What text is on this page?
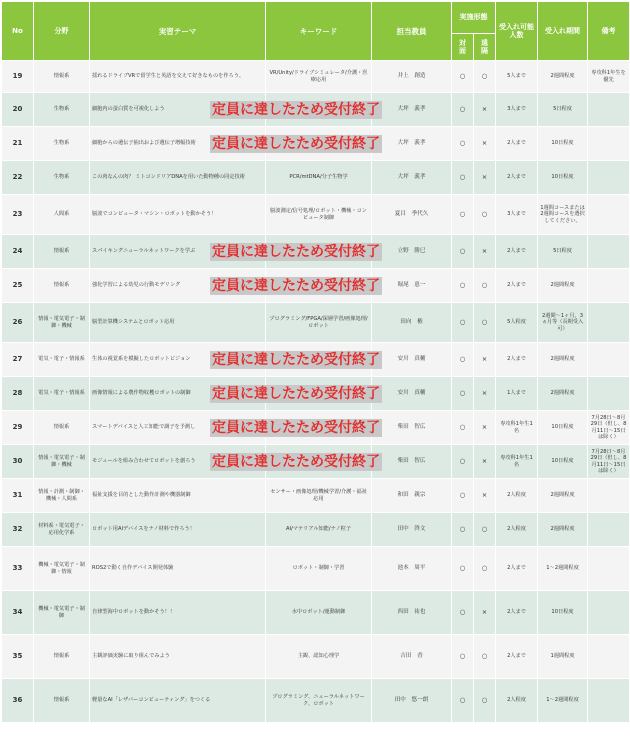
No	分野	実習テーマ	キーワード	担当教員	実施形態		受入れ可能人数	受入れ期間	備考
					対面	遠隔			
19	情報系	揺れるドライブVRで留学生と英語を交えて好きなものを作ろう。	VR/Unity/ドライブシミュレータ/介護・医療応用	井上　創造	○	○	5人まで	2週間程度	専攻科1年生を優先
20	生物系	細胞内の蛋白質を可視化しよう 定員に達したため受付終了		大坪　義孝	○	×	3人まで	5日程度	
21	生物系	細胞からの遺伝子抽出および遺伝子増幅技術 定員に達したため受付終了		大坪　義孝	○	×	2人まで	10日程度	
22	生物系	この肉なんの肉？ ミトコンドリアDNAを用いた動物種の同定技術	PCR/mtDNA/分子生物学	大坪　義孝	○	×	2人まで	10日程度	
23	人間系	脳波でコンピュータ・マシン・ロボットを動かそう！	脳波測定/信号処理/ロボット・機械・コンピュータ制御	夏目　季代久	○	○	3人まで	1週間コースまたは2週間コースを選択してください。	
24	情報系	スパイキングニューラルネットワークを学ぶ 定員に達したため受付終了		立野　勝巳	○	×	2人まで	5日程度	
25	情報系	強化学習による幼児の行動モデリング 定員に達したため受付終了		堀尾　恵一	○	○	2人まで	2週間程度	
26	情報・電気電子・制御・機械	脳型計算機システムとロボット応用	プログラミング/FPGA/深層学習/画像処理/ロボット	田向　権	○	○	5人程度	2週間〜1ヶ月、3ヵ月等（長期受入可）	
27	電気・電子・情報系	生体の視覚系を模擬したロボットビジョン 定員に達したため受付終了		安川　真輔	○	×	2人まで	2週間程度	
28	電気・電子・情報系	画像情報による農作物収穫ロボットの制御 定員に達したため受付終了		安川　真輔	○	×	1人まで	2週間程度	
29	情報系	スマートデバイスと人工知能で調子を予測し 定員に達したため受付終了		柴田　智広	○	×	専攻科1年生1名	10日程度	7月28日〜8月29日（但し、8月11日〜15日は除く）
30	情報・電気電子・制御・機械	モジュールを組み合わせてロボットを創ろう 定員に達したため受付終了		柴田　智広	○	×	専攻科1年生1名	10日程度	7月28日〜8月29日（但し、8月11日〜15日は除く）
31	情報・計測・制御・機械・人間系	福祉支援を目的とした動作計測や機器制御	センサー・画像処理/機械学習/介護・福祉応用	和田　親宗	○	×	2人程度	2週間程度	
32	材料系・電気電子・応用化学系	ロボット用AIデバイスをナノ材料で作ろう！	AI/マテリアル知能/ナノ粒子	田中　啓文	○	○	2人程度	2週間程度	
33	機械・電気電子・制御・情報	ROS2で動く自作デバイス開発体験	ロボット・制御・学習	池本　周平	○	○	2人まで	1〜2週間程度	
34	機械・電気電子・制御	自律型海中ロボットを動かそう！！	水中ロボット/運動制御	西田　祐也	○	×	2人まで	10日程度	
35	情報系	主観評価実験に取り組んでみよう	主観、認知心理学	吉田　香	○	○	2人まで	1週間程度	
36	情報系	軽量なAI「レザバーコンピューティング」をつくる	プログラミング、ニューラルネットワーク、ロボット	田中　悠一朗	○	○	2人程度	1〜2週間程度	
